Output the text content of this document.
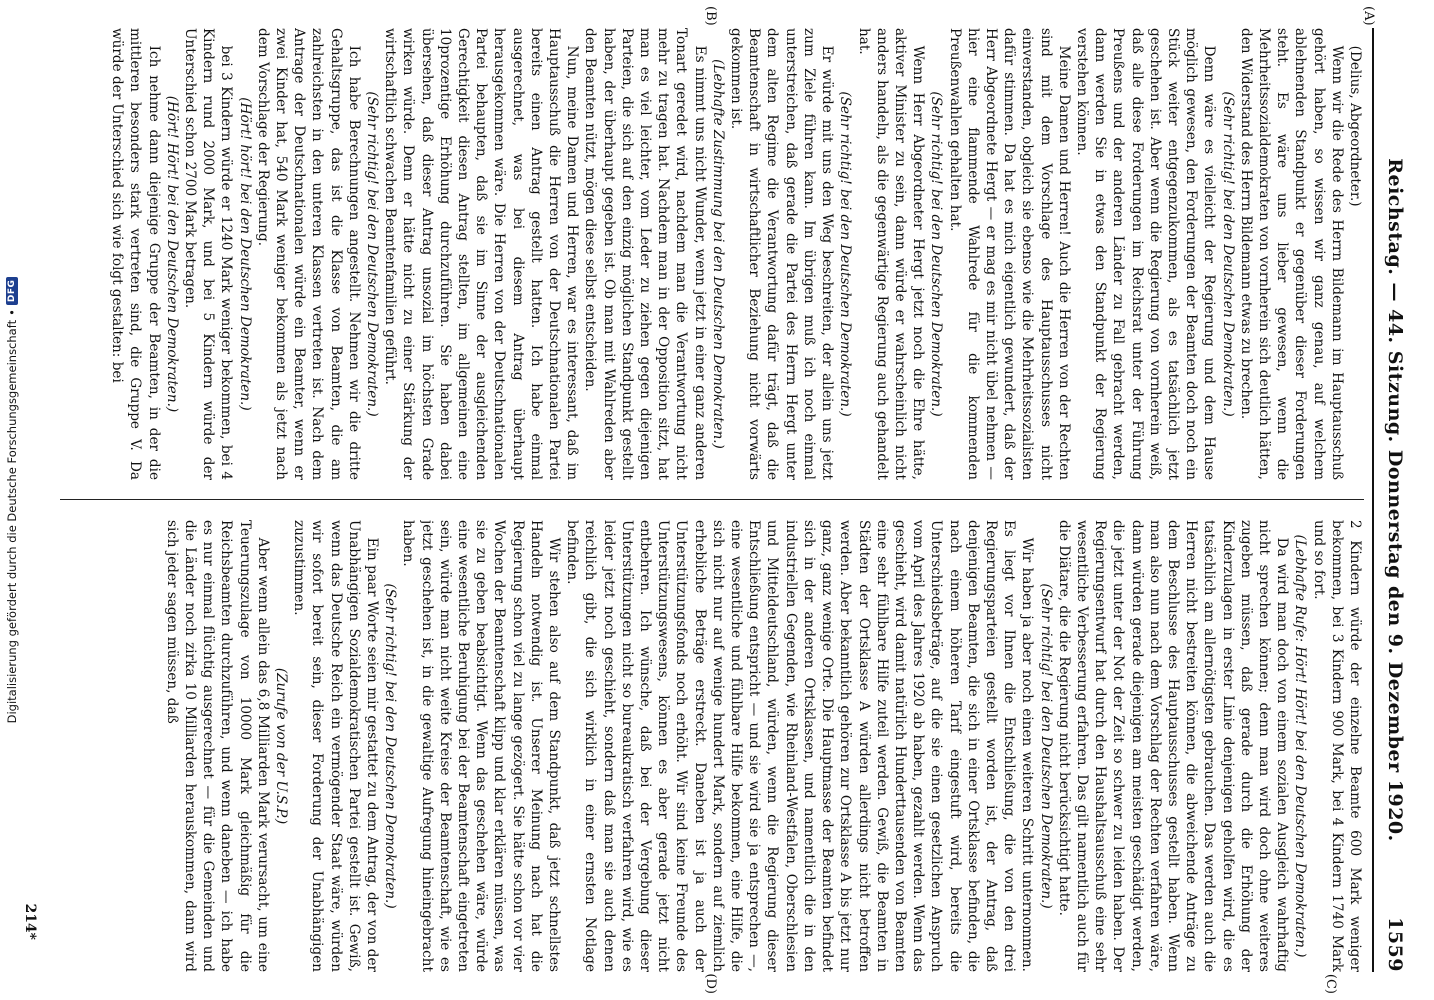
Reichstag. — 44. Sitzung. Donnerstag den 9. Dezember 1920.
1559
(A)
(C)
(B)
(D)

(Delius, Abgeordneter.)

Wenn wir die Rede des Herrn Bildemann im Hauptausschuß gehört haben, so wissen wir ganz genau, auf welchem ablehnenden Standpunkt er gegenüber dieser Forderungen steht. Es wäre uns lieber gewesen, wenn die Mehrheitssozialdemokraten von vornherein sich deutlich hätten, den Widerstand des Herrn Bildemann etwas zu brechen.

(Sehr richtig! bei den Deutschen Demokraten.)

Denn wäre es vielleicht der Regierung und dem Hause möglich gewesen, den Forderungen der Beamten doch noch ein Stück weiter entgegenzukommen, als es tatsächlich jetzt geschehen ist. Aber wenn die Regierung von vornherein weiß, daß alle diese Forderungen im Reichsrat unter der Führung Preußens und der anderen Länder zu Fall gebracht werden, dann werden Sie in etwas den Standpunkt der Regierung verstehen können.

Meine Damen und Herren! Auch die Herren von der Rechten sind mit dem Vorschlage des Hauptausschusses nicht einverstanden, obgleich sie ebenso wie die Mehrheitssozialisten dafür stimmen. Da hat es mich eigentlich gewundert, daß der Herr Abgeordnete Hergt — er mag es mir nicht übel nehmen — hier eine flammende Wahlrede für die kommenden Preußenwahlen gehalten hat.

(Sehr richtig! bei den Deutschen Demokraten.)

Wenn Herr Abgeordneter Hergt jetzt noch die Ehre hätte, aktiver Minister zu sein, dann würde er wahrscheinlich nicht anders handeln, als die gegenwärtige Regierung auch gehandelt hat.

(Sehr richtig! bei den Deutschen Demokraten.)

Er würde mit uns den Weg beschreiten, der allein uns jetzt zum Ziele führen kann. Im übrigen muß ich noch einmal unterstreichen, daß gerade die Partei des Herrn Hergt unter dem alten Regime die Verantwortung dafür trägt, daß die Beamtenschaft in wirtschaftlicher Beziehung nicht vorwärts gekommen ist.

(Lebhafte Zustimmung bei den Deutschen Demokraten.)

Es nimmt uns nicht Wunder, wenn jetzt in einer ganz anderen Tonart geredet wird, nachdem man die Verantwortung nicht mehr zu tragen hat. Nachdem man in der Opposition sitzt, hat man es viel leichter, vom Leder zu ziehen gegen diejenigen Parteien, die sich auf den einzig möglichen Standpunkt gestellt haben, der überhaupt gegeben ist. Ob man mit Wahlreden aber den Beamten nützt, mögen diese selbst entscheiden.

Nun, meine Damen und Herren, war es interessant, daß im Hauptausschuß die Herren von der Deutschnationalen Partei bereits einen Antrag gestellt hatten. Ich habe einmal ausgerechnet, was bei diesem Antrag überhaupt herausgekommen wäre. Die Herren von der Deutschnationalen Partei behaupten, daß sie im Sinne der ausgleichenden Gerechtigkeit diesen Antrag stellten, im allgemeinen eine 10prozentige Erhöhung durchzuführen. Sie haben dabei übersehen, daß dieser Antrag unsozial im höchsten Grade wirken würde. Denn er hätte nicht zu einer Stärkung der wirtschaftlich schwachen Beamtenfamilien geführt.

(Sehr richtig! bei den Deutschen Demokraten.)

Ich habe Berechnungen angestellt. Nehmen wir die dritte Gehaltsgruppe, das ist die Klasse von Beamten, die am zahlreichsten in den unteren Klassen vertreten ist. Nach dem Antrage der Deutschnationalen würde ein Beamter, wenn er zwei Kinder hat, 540 Mark weniger bekommen als jetzt nach dem Vorschlage der Regierung.

(Hört! hört! bei den Deutschen Demokraten.)

bei 3 Kindern würde er 1240 Mark weniger bekommen, bei 4 Kindern rund 2000 Mark, und bei 5 Kindern würde der Unterschied schon 2700 Mark betragen.

(Hört! Hört! bei den Deutschen Demokraten.)

Ich nehme dann diejenige Gruppe der Beamten, in der die mittleren besonders stark vertreten sind, die Gruppe V. Da würde der Unterschied sich wie folgt gestalten: bei

2 Kindern würde der einzelne Beamte 600 Mark weniger bekommen, bei 3 Kindern 900 Mark, bei 4 Kindern 1740 Mark und so fort.

(Lebhafte Rufe: Hört! Hört! bei den Deutschen Demokraten.)

Da wird man doch von einem sozialen Ausgleich wahrhaftig nicht sprechen können; denn man wird doch ohne weiteres zugeben müssen, daß gerade durch die Erhöhung der Kinderzulagen in erster Linie denjenigen geholfen wird, die es tatsächlich am allernötigsten gebrauchen. Das werden auch die Herren nicht bestreiten können, die abweichende Anträge zu dem Beschlusse des Hauptausschusses gestellt haben. Wenn man also nun nach dem Vorschlag der Rechten verfahren wäre, dann würden gerade diejenigen am meisten geschädigt werden, die jetzt unter der Not der Zeit so schwer zu leiden haben. Der Regierungsentwurf hat durch den Haushaltsausschuß eine sehr wesentliche Verbesserung erfahren. Das gilt namentlich auch für die Diätare, die die Regierung nicht berücksichtigt hatte.

(Sehr richtig! bei den Deutschen Demokraten.)

Wir haben ja aber noch einen weiteren Schritt unternommen. Es liegt vor Ihnen die Entschließung, die von den drei Regierungsparteien gestellt worden ist, der Antrag, daß denjenigen Beamten, die sich in einer Ortsklasse befinden, die nach einem höheren Tarif eingestuft wird, bereits die Unterschiedsbeträge, auf die sie einen gesetzlichen Anspruch vom April des Jahres 1920 ab haben, gezahlt werden. Wenn das geschieht, wird damit natürlich Hunderttausenden von Beamten eine sehr fühlbare Hilfe zuteil werden. Gewiß, die Beamten in Städten der Ortsklasse A würden allerdings nicht betroffen werden. Aber bekanntlich gehören zur Ortsklasse A bis jetzt nur ganz, ganz wenige Orte. Die Hauptmasse der Beamten befindet sich in der anderen Ortsklassen, und namentlich die in den industriellen Gegenden, wie Rheinland-Westfalen, Oberschlesien und Mitteldeutschland, würden, wenn die Regierung dieser Entschließung entspricht — und sie wird sie ja entsprechen —, eine wesentliche und fühlbare Hilfe bekommen, eine Hilfe, die sich nicht nur auf wenige hundert Mark, sondern auf ziemlich erhebliche Beträge erstreckt. Daneben ist ja auch der Unterstützungsfonds noch erhöht. Wir sind keine Freunde des Unterstützungswesens, können es aber gerade jetzt nicht entbehren. Ich wünsche, daß bei der Vergebung dieser Unterstützungen nicht so bureaukratisch verfahren wird, wie es leider jetzt noch geschieht, sondern daß man sie auch denen reichlich gibt, die sich wirklich in einer ernsten Notlage befinden.

Wir stehen also auf dem Standpunkt, daß jetzt schnellstes Handeln notwendig ist. Unserer Meinung nach hat die Regierung schon viel zu lange gezögert. Sie hätte schon vor vier Wochen der Beamtenschaft klipp und klar erklären müssen, was sie zu geben beabsichtigt. Wenn das geschehen wäre, würde eine wesentliche Beruhigung bei der Beamtenschaft eingetreten sein, würde man nicht weite Kreise der Beamtenschaft, wie es jetzt geschehen ist, in die gewaltige Aufregung hineingebracht haben.

(Sehr richtig! bei den Deutschen Demokraten.)

Ein paar Worte seien mir gestattet zu dem Antrag, der von der Unabhängigen Sozialdemokratischen Partei gestellt ist. Gewiß, wenn das Deutsche Reich ein vermögender Staat wäre, würden wir sofort bereit sein, dieser Forderung der Unabhängigen zuzustimmen.

(Zurufe von der U.S.P.)

Aber wenn allein das 6,8 Milliarden Mark verursacht, um eine Teuerungszulage von 10000 Mark gleichmäßig für die Reichsbeamten durchzuführen, und wenn daneben — ich habe es nur einmal flüchtig ausgerechnet — für die Gemeinden und die Länder noch zirka 10 Milliarden herauskommen, dann wird sich jeder sagen müssen, daß

214*
Digitalisierung gefördert durch die Deutsche Forschungsgemeinschaft
•
DFG
